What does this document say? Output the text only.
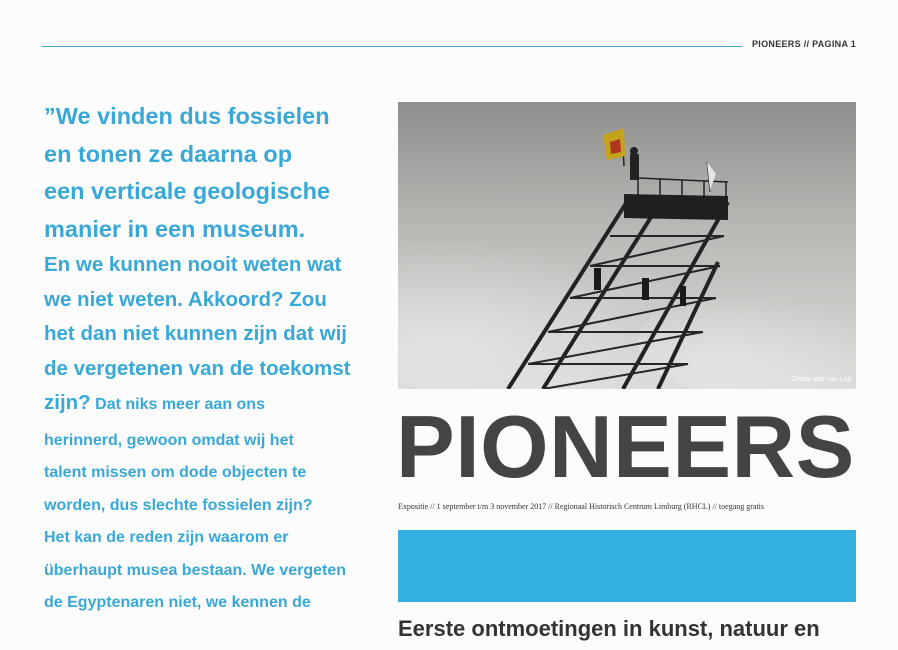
PIONEERS // PAGINA 1
”We vinden dus fossielen
en tonen ze daarna op
een verticale geologische
manier in een museum.
En we kunnen nooit weten wat
we niet weten. Akkoord? Zou
het dan niet kunnen zijn dat wij
de vergetenen van de toekomst
zijn? Dat niks meer aan ons
herinnerd, gewoon omdat wij het
talent missen om dode objecten te
worden, dus slechte fossielen zijn?
Het kan de reden zijn waarom er
überhaupt musea bestaan. We vergeten
de Egyptenaren niet, we kennen de
Chaim van van Luit
PIONEERS
Expositie // 1 september t/m 3 november 2017 // Regionaal Historisch Centrum Limburg (RHCL) // toegang gratis
Eerste ontmoetingen in kunst, natuur en
